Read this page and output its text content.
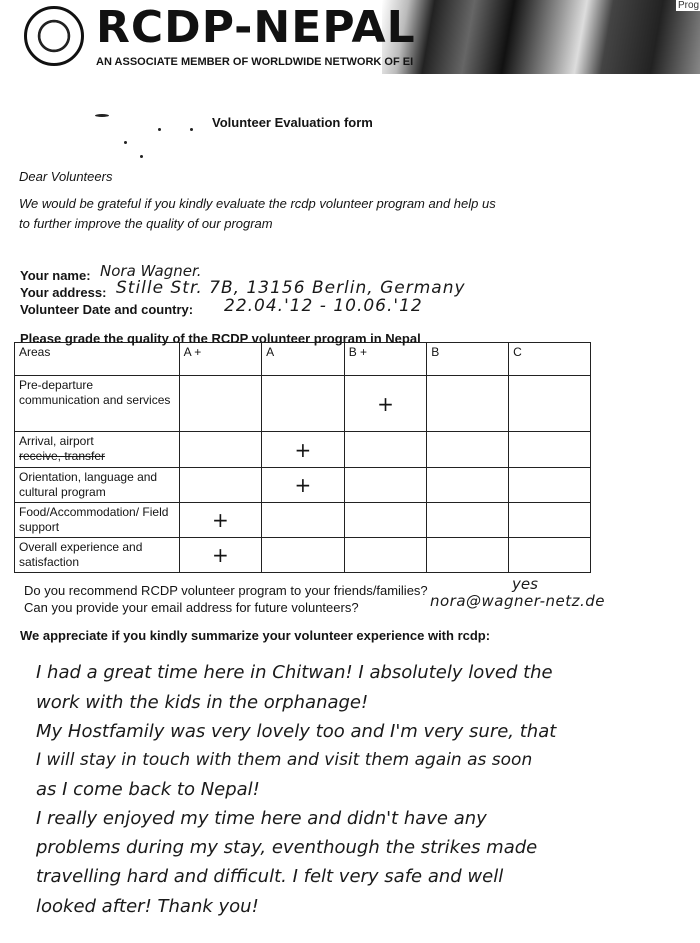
Prog
RCDP-NEPAL
AN ASSOCIATE MEMBER OF WORLDWIDE NETWORK OF EI
Volunteer Evaluation form
Dear Volunteers
We would be grateful if you kindly evaluate the rcdp volunteer program and help us
to further improve the quality of our program
Your name: Nora Wagner.
Your address: Stille Str. 7B, 13156 Berlin, Germany
Volunteer Date and country: 22.04.'12 - 10.06.'12
Please grade the quality of the RCDP volunteer program in Nepal
Areas	A +	A	B +	B	C
Pre-departure communication and services			+		
Arrival, airport
receive, transfer		+			
Orientation, language and cultural program		+			
Food/Accommodation/ Field support	+				
Overall experience and satisfaction	+				
Do you recommend RCDP volunteer program to your friends/families?	yes
Can you provide your email address for future volunteers?	nora@wagner-netz.de
We appreciate if you kindly summarize your volunteer experience with rcdp:
I had a great time here in Chitwan! I absolutely loved the
work with the kids in the orphanage!
My Hostfamily was very lovely too and I'm very sure, that
I will stay in touch with them and visit them again as soon
as I come back to Nepal!
I really enjoyed my time here and didn't have any
problems during my stay, eventhough the strikes made
travelling hard and difficult. I felt very safe and well
looked after! Thank you!
